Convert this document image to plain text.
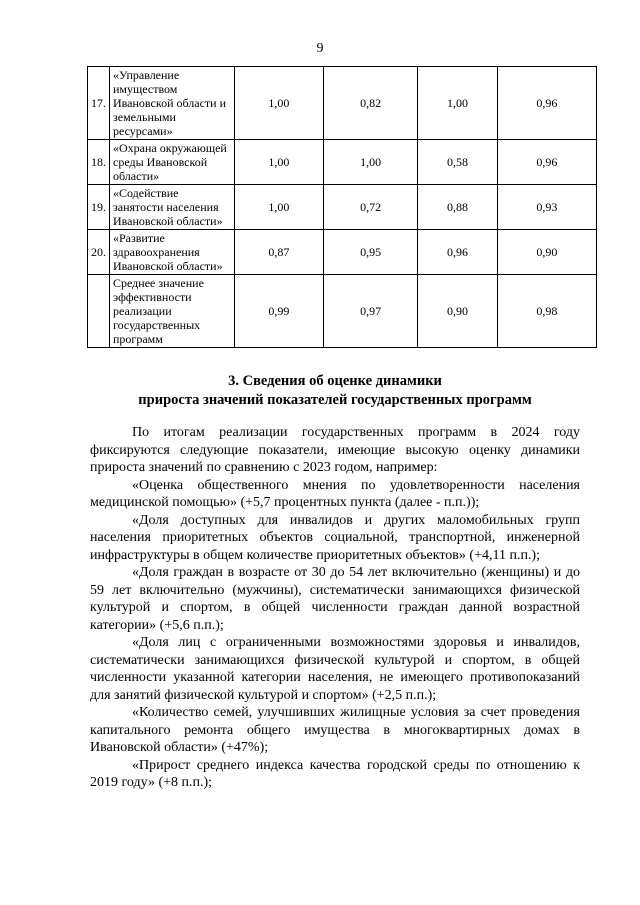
9
17.	«Управление имуществом Ивановской области и земельными ресурсами»	1,00	0,82	1,00	0,96
18.	«Охрана окружающей среды Ивановской области»	1,00	1,00	0,58	0,96
19.	«Содействие занятости населения Ивановской области»	1,00	0,72	0,88	0,93
20.	«Развитие здравоохранения Ивановской области»	0,87	0,95	0,96	0,90
	Среднее значение эффективности реализации государственных программ	0,99	0,97	0,90	0,98
3. Сведения об оценке динамики
прироста значений показателей государственных программ

По итогам реализации государственных программ в 2024 году фиксируются следующие показатели, имеющие высокую оценку динамики прироста значений по сравнению с 2023 годом, например:

«Оценка общественного мнения по удовлетворенности населения медицинской помощью» (+5,7 процентных пункта (далее - п.п.));

«Доля доступных для инвалидов и других маломобильных групп населения приоритетных объектов социальной, транспортной, инженерной инфраструктуры в общем количестве приоритетных объектов» (+4,11 п.п.);

«Доля граждан в возрасте от 30 до 54 лет включительно (женщины) и до 59 лет включительно (мужчины), систематически занимающихся физической культурой и спортом, в общей численности граждан данной возрастной категории» (+5,6 п.п.);

«Доля лиц с ограниченными возможностями здоровья и инвалидов, систематически занимающихся физической культурой и спортом, в общей численности указанной категории населения, не имеющего противопоказаний для занятий физической культурой и спортом» (+2,5 п.п.);

«Количество семей, улучшивших жилищные условия за счет проведения капитального ремонта общего имущества в многоквартирных домах в Ивановской области» (+47%);

«Прирост среднего индекса качества городской среды по отношению к 2019 году» (+8 п.п.);
